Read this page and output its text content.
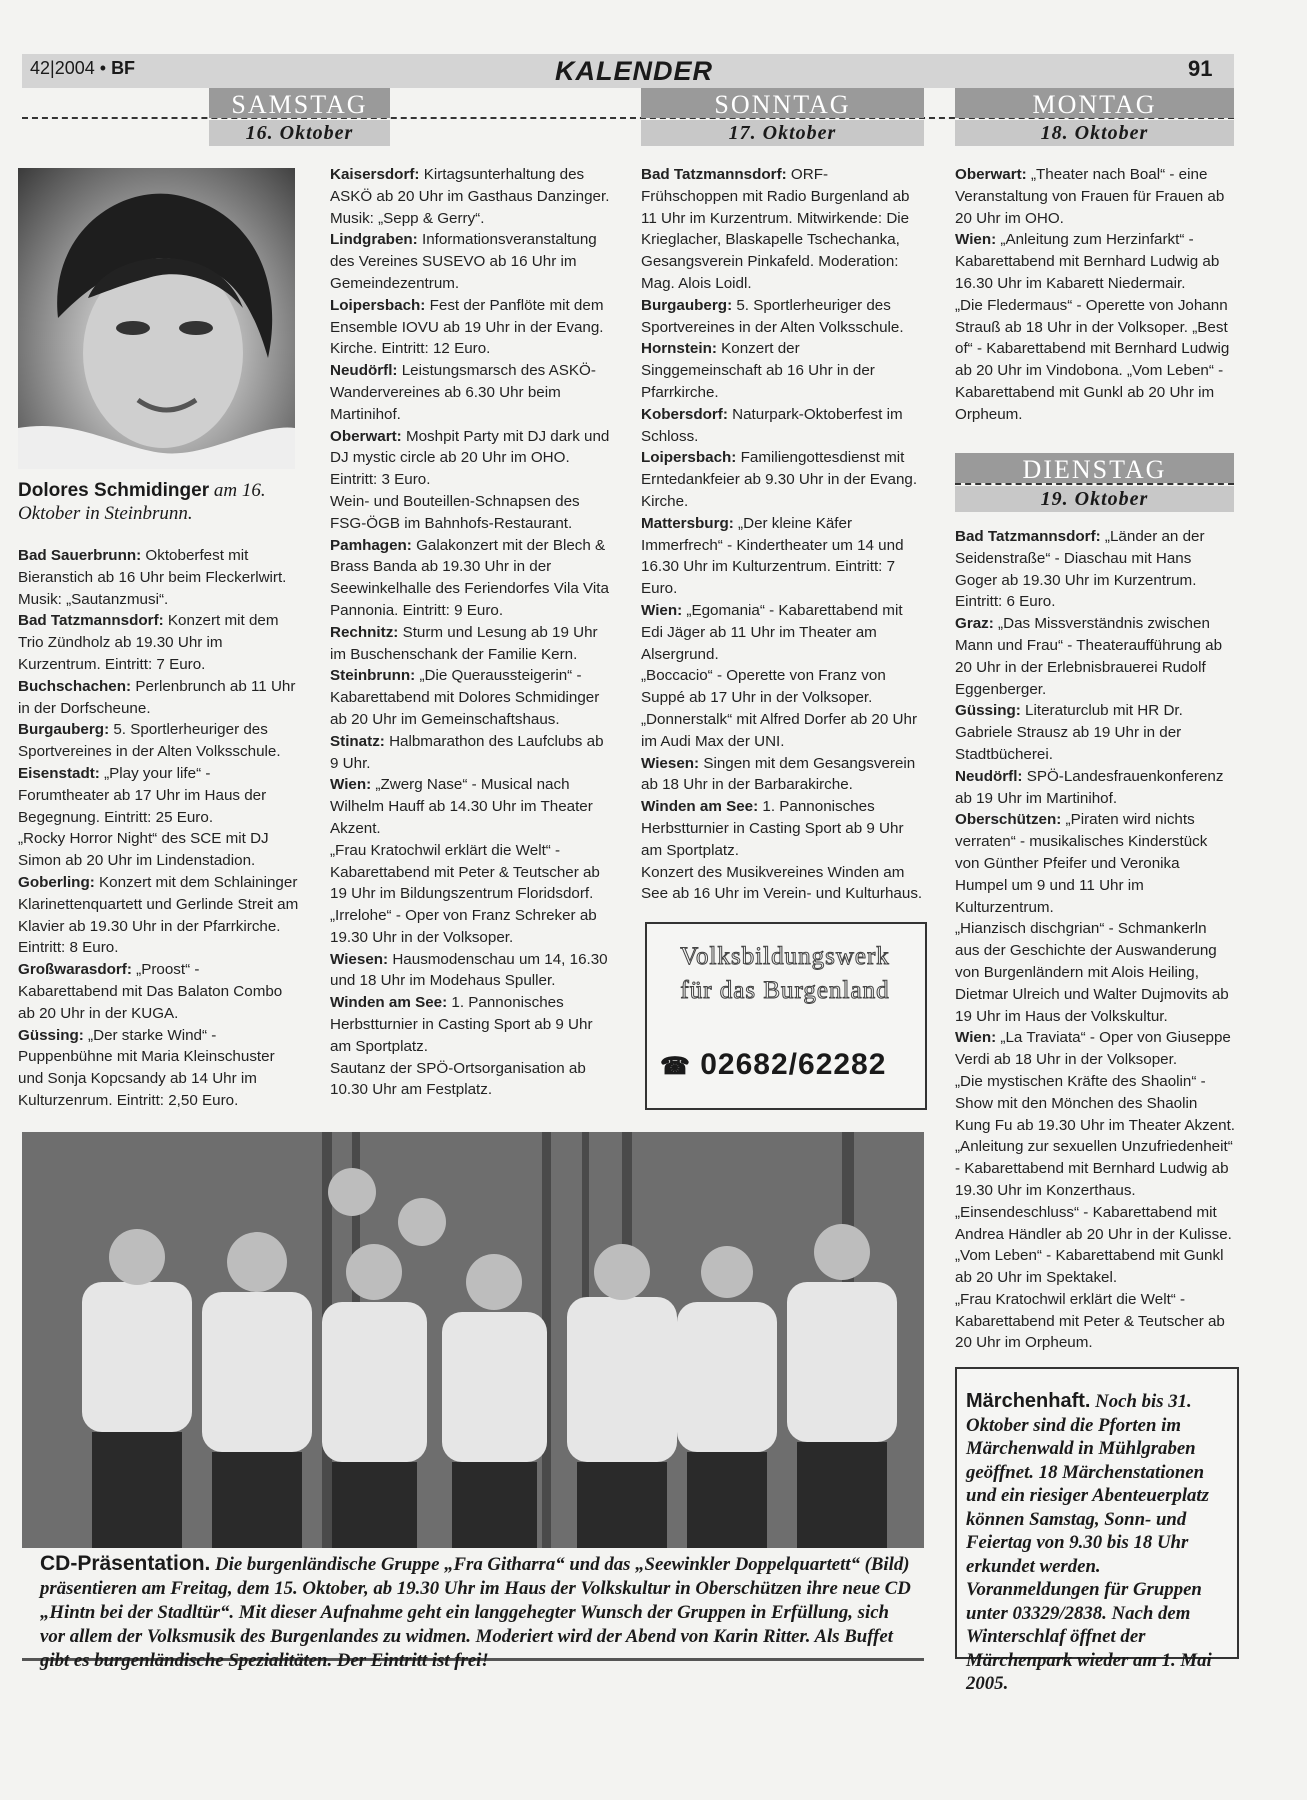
42|2004 • BF	KALENDER	91
SAMSTAG
16. Oktober
SONNTAG
17. Oktober
MONTAG
18. Oktober
Dolores Schmidinger am 16. Oktober in Steinbrunn.

Bad Sauerbrunn: Oktoberfest mit Bieranstich ab 16 Uhr beim Fleckerlwirt. Musik: „Sautanzmusi“.

Bad Tatzmannsdorf: Konzert mit dem Trio Zündholz ab 19.30 Uhr im Kurzentrum. Eintritt: 7 Euro.

Buchschachen: Perlenbrunch ab 11 Uhr in der Dorfscheune.

Burgauberg: 5. Sportlerheuriger des Sportvereines in der Alten Volksschule.

Eisenstadt: „Play your life“ - Forumtheater ab 17 Uhr im Haus der Begegnung. Eintritt: 25 Euro.

„Rocky Horror Night“ des SCE mit DJ Simon ab 20 Uhr im Lindenstadion.

Goberling: Konzert mit dem Schlaininger Klarinettenquartett und Gerlinde Streit am Klavier ab 19.30 Uhr in der Pfarrkirche. Eintritt: 8 Euro.

Großwarasdorf: „Proost“ - Kabarettabend mit Das Balaton Combo ab 20 Uhr in der KUGA.

Güssing: „Der starke Wind“ - Puppenbühne mit Maria Kleinschuster und Sonja Kopcsandy ab 14 Uhr im Kulturzenrum. Eintritt: 2,50 Euro.

Kaisersdorf: Kirtagsunterhaltung des ASKÖ ab 20 Uhr im Gasthaus Danzinger. Musik: „Sepp & Gerry“.

Lindgraben: Informationsveranstaltung des Vereines SUSEVO ab 16 Uhr im Gemeindezentrum.

Loipersbach: Fest der Panflöte mit dem Ensemble IOVU ab 19 Uhr in der Evang. Kirche. Eintritt: 12 Euro.

Neudörfl: Leistungsmarsch des ASKÖ-Wandervereines ab 6.30 Uhr beim Martinihof.

Oberwart: Moshpit Party mit DJ dark und DJ mystic circle ab 20 Uhr im OHO. Eintritt: 3 Euro.

Wein- und Bouteillen-Schnapsen des FSG-ÖGB im Bahnhofs-Restaurant.

Pamhagen: Galakonzert mit der Blech & Brass Banda ab 19.30 Uhr in der Seewinkelhalle des Feriendorfes Vila Vita Pannonia. Eintritt: 9 Euro.

Rechnitz: Sturm und Lesung ab 19 Uhr im Buschenschank der Familie Kern.

Steinbrunn: „Die Queraussteigerin“ - Kabarettabend mit Dolores Schmidinger ab 20 Uhr im Gemeinschaftshaus.

Stinatz: Halbmarathon des Laufclubs ab 9 Uhr.

Wien: „Zwerg Nase“ - Musical nach Wilhelm Hauff ab 14.30 Uhr im Theater Akzent.

„Frau Kratochwil erklärt die Welt“ - Kabarettabend mit Peter & Teutscher ab 19 Uhr im Bildungszentrum Floridsdorf.

„Irrelohe“ - Oper von Franz Schreker ab 19.30 Uhr in der Volksoper.

Wiesen: Hausmodenschau um 14, 16.30 und 18 Uhr im Modehaus Spuller.

Winden am See: 1. Pannonisches Herbstturnier in Casting Sport ab 9 Uhr am Sportplatz.

Sautanz der SPÖ-Ortsorganisation ab 10.30 Uhr am Festplatz.

Bad Tatzmannsdorf: ORF-Frühschoppen mit Radio Burgenland ab 11 Uhr im Kurzentrum. Mitwirkende: Die Krieglacher, Blaskapelle Tschechanka, Gesangsverein Pinkafeld. Moderation: Mag. Alois Loidl.

Burgauberg: 5. Sportlerheuriger des Sportvereines in der Alten Volksschule.

Hornstein: Konzert der Singgemeinschaft ab 16 Uhr in der Pfarrkirche.

Kobersdorf: Naturpark-Oktoberfest im Schloss.

Loipersbach: Familiengottesdienst mit Erntedankfeier ab 9.30 Uhr in der Evang. Kirche.

Mattersburg: „Der kleine Käfer Immerfrech“ - Kindertheater um 14 und 16.30 Uhr im Kulturzentrum. Eintritt: 7 Euro.

Wien: „Egomania“ - Kabarettabend mit Edi Jäger ab 11 Uhr im Theater am Alsergrund.

„Boccacio“ - Operette von Franz von Suppé ab 17 Uhr in der Volksoper.

„Donnerstalk“ mit Alfred Dorfer ab 20 Uhr im Audi Max der UNI.

Wiesen: Singen mit dem Gesangsverein ab 18 Uhr in der Barbarakirche.

Winden am See: 1. Pannonisches Herbstturnier in Casting Sport ab 9 Uhr am Sportplatz.

Konzert des Musikvereines Winden am See ab 16 Uhr im Verein- und Kulturhaus.

Volksbildungswerk
für das Burgenland
☎ 02682/62282

Oberwart: „Theater nach Boal“ - eine Veranstaltung von Frauen für Frauen ab 20 Uhr im OHO.

Wien: „Anleitung zum Herzinfarkt“ - Kabarettabend mit Bernhard Ludwig ab 16.30 Uhr im Kabarett Niedermair.

„Die Fledermaus“ - Operette von Johann Strauß ab 18 Uhr in der Volksoper. „Best of“ - Kabarettabend mit Bernhard Ludwig ab 20 Uhr im Vindobona. „Vom Leben“ - Kabarettabend mit Gunkl ab 20 Uhr im Orpheum.

DIENSTAG
19. Oktober

Bad Tatzmannsdorf: „Länder an der Seidenstraße“ - Diaschau mit Hans Goger ab 19.30 Uhr im Kurzentrum. Eintritt: 6 Euro.

Graz: „Das Missverständnis zwischen Mann und Frau“ - Theateraufführung ab 20 Uhr in der Erlebnisbrauerei Rudolf Eggenberger.

Güssing: Literaturclub mit HR Dr. Gabriele Strausz ab 19 Uhr in der Stadtbücherei.

Neudörfl: SPÖ-Landesfrauenkonferenz ab 19 Uhr im Martinihof.

Oberschützen: „Piraten wird nichts verraten“ - musikalisches Kinderstück von Günther Pfeifer und Veronika Humpel um 9 und 11 Uhr im Kulturzentrum.

„Hianzisch dischgrian“ - Schmankerln aus der Geschichte der Auswanderung von Burgenländern mit Alois Heiling, Dietmar Ulreich und Walter Dujmovits ab 19 Uhr im Haus der Volkskultur.

Wien: „La Traviata“ - Oper von Giuseppe Verdi ab 18 Uhr in der Volksoper.

„Die mystischen Kräfte des Shaolin“ - Show mit den Mönchen des Shaolin Kung Fu ab 19.30 Uhr im Theater Akzent.

„Anleitung zur sexuellen Unzufriedenheit“ - Kabarettabend mit Bernhard Ludwig ab 19.30 Uhr im Konzerthaus.

„Einsendeschluss“ - Kabarettabend mit Andrea Händler ab 20 Uhr in der Kulisse. „Vom Leben“ - Kabarettabend mit Gunkl ab 20 Uhr im Spektakel.

„Frau Kratochwil erklärt die Welt“ - Kabarettabend mit Peter & Teutscher ab 20 Uhr im Orpheum.

CD-Präsentation. Die burgenländische Gruppe „Fra Githarra“ und das „Seewinkler Doppelquartett“ (Bild) präsentieren am Freitag, dem 15. Oktober, ab 19.30 Uhr im Haus der Volkskultur in Oberschützen ihre neue CD „Hintn bei der Stadltür“. Mit dieser Aufnahme geht ein langgehegter Wunsch der Gruppen in Erfüllung, sich vor allem der Volksmusik des Burgenlandes zu widmen. Moderiert wird der Abend von Karin Ritter. Als Buffet gibt es burgenländische Spezialitäten. Der Eintritt ist frei!
Märchenhaft. Noch bis 31. Oktober sind die Pforten im Märchenwald in Mühlgraben geöffnet. 18 Märchenstationen und ein riesiger Abenteuerplatz können Samstag, Sonn- und Feiertag von 9.30 bis 18 Uhr erkundet werden. Voranmeldungen für Gruppen unter 03329/2838. Nach dem Winterschlaf öffnet der Märchenpark wieder am 1. Mai 2005.
